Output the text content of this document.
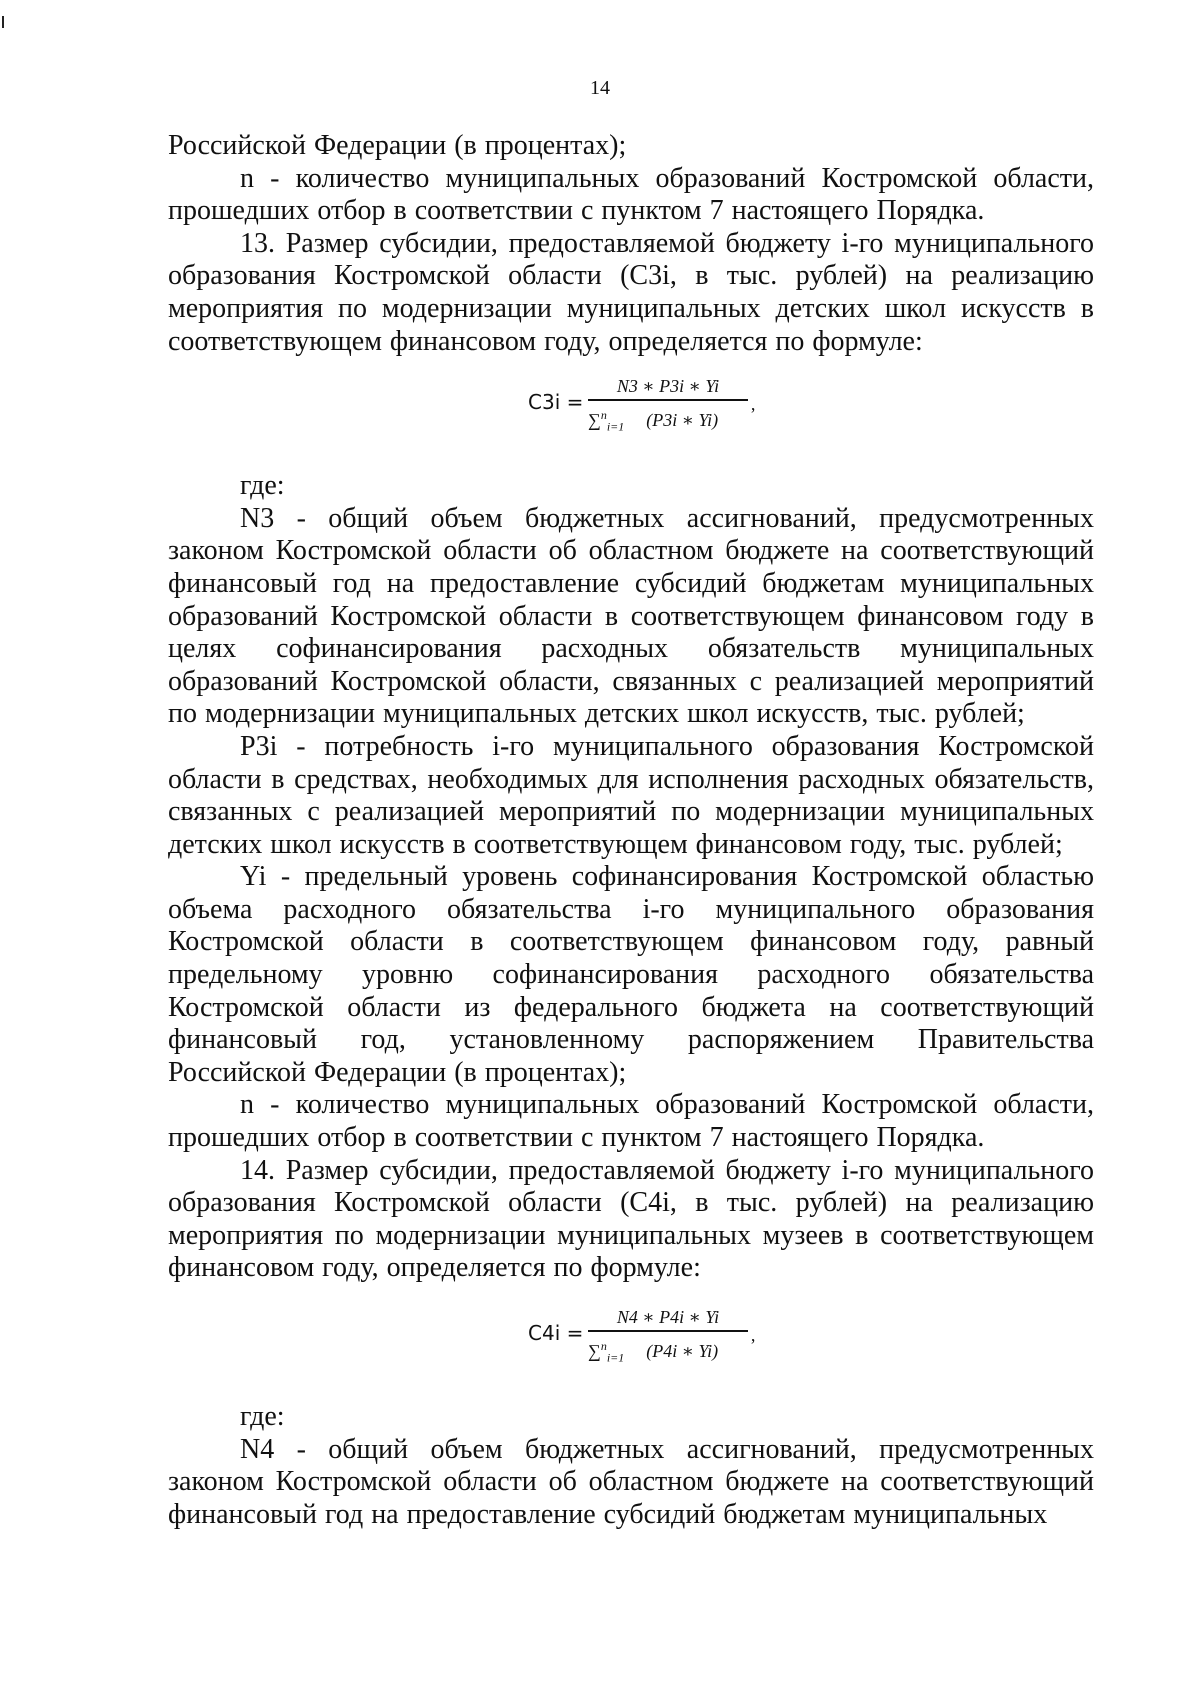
14

Российской Федерации (в процентах);

n - количество муниципальных образований Костромской области, прошедших отбор в соответствии с пунктом 7 настоящего Порядка.

13. Размер субсидии, предоставляемой бюджету i-го муниципального образования Костромской области (С3i, в тыс. рублей) на реализацию мероприятия по модернизации муниципальных детских школ искусств в соответствующем финансовом году, определяется по формуле:

C3i =
N3 ∗ P3i ∗ Yi
∑$^n_{i=1}$ (P3i ∗ Yi)	’

где:

N3 - общий объем бюджетных ассигнований, предусмотренных законом Костромской области об областном бюджете на соответствующий финансовый год на предоставление субсидий бюджетам муниципальных образований Костромской области в соответствующем финансовом году в целях софинансирования расходных обязательств муниципальных образований Костромской области, связанных с реализацией мероприятий по модернизации муниципальных детских школ искусств, тыс. рублей;

P3i - потребность i-го муниципального образования Костромской области в средствах, необходимых для исполнения расходных обязательств, связанных с реализацией мероприятий по модернизации муниципальных детских школ искусств в соответствующем финансовом году, тыс. рублей;

Yi - предельный уровень софинансирования Костромской областью объема расходного обязательства i-го муниципального образования Костромской области в соответствующем финансовом году, равный предельному уровню софинансирования расходного обязательства Костромской области из федерального бюджета на соответствующий финансовый год, установленному распоряжением Правительства Российской Федерации (в процентах);

n - количество муниципальных образований Костромской области, прошедших отбор в соответствии с пунктом 7 настоящего Порядка.

14. Размер субсидии, предоставляемой бюджету i-го муниципального образования Костромской области (С4i, в тыс. рублей) на реализацию мероприятия по модернизации муниципальных музеев в соответствующем финансовом году, определяется по формуле:

C4i =
N4 ∗ P4i ∗ Yi
∑$^n_{i=1}$ (P4i ∗ Yi)	’

где:

N4 - общий объем бюджетных ассигнований, предусмотренных законом Костромской области об областном бюджете на соответствующий финансовый год на предоставление субсидий бюджетам муниципальных
